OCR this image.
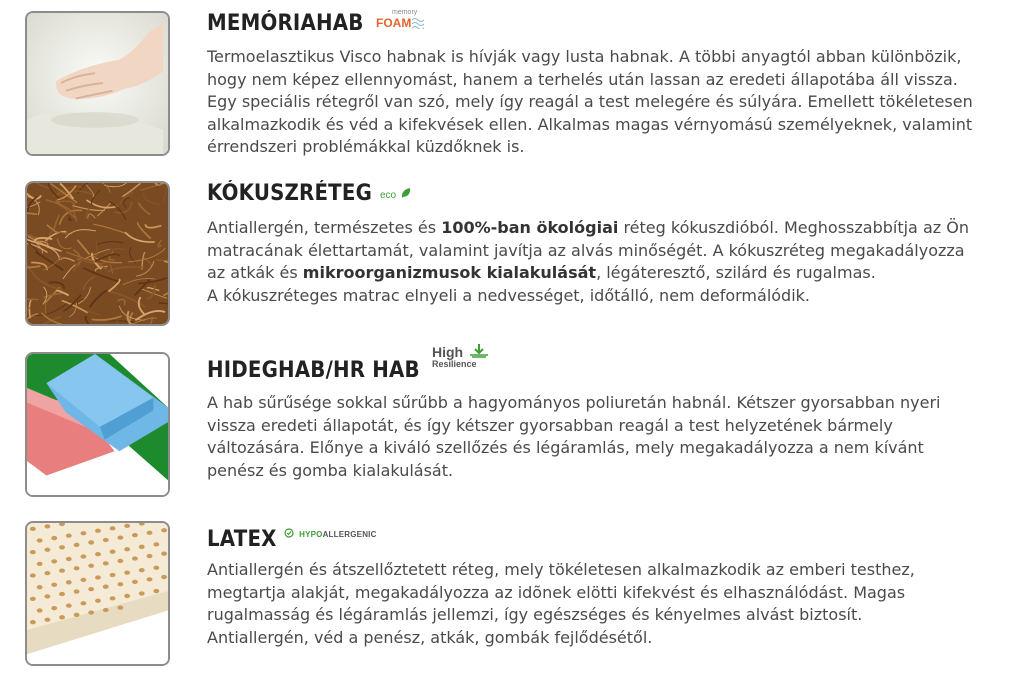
MEMÓRIAHAB	memory
FOAM

Termoelasztikus Visco habnak is hívják vagy lusta habnak. A többi anyagtól abban különbözik,

hogy nem képez ellennyomást, hanem a terhelés után lassan az eredeti állapotába áll vissza.

Egy speciális rétegről van szó, mely így reagál a test melegére és súlyára. Emellett tökéletesen

alkalmazkodik és véd a kifekvések ellen. Alkalmas magas vérnyomású személyeknek, valamint

érrendszeri problémákkal küzdőknek is.

KÓKUSZRÉTEG eco

Antiallergén, természetes és 100%-ban ökológiai réteg kókuszdióból. Meghosszabbítja az Ön

matracának élettartamát, valamint javítja az alvás minőségét. A kókuszréteg megakadályozza

az atkák és mikroorganizmusok kialakulását, légáteresztő, szilárd és rugalmas.

A kókuszréteges matrac elnyeli a nedvességet, időtálló, nem deformálódik.

HIDEGHAB/HR HAB
High
Resilience

A hab sűrűsége sokkal sűrűbb a hagyományos poliuretán habnál. Kétszer gyorsabban nyeri

vissza eredeti állapotát, és így kétszer gyorsabban reagál a test helyzetének bármely

változására. Előnye a kiváló szellőzés és légáramlás, mely megakadályozza a nem kívánt

penész és gomba kialakulását.

LATEX	HYPOALLERGENIC

Antiallergén és átszellőztetett réteg, mely tökéletesen alkalmazkodik az emberi testhez,

megtartja alakját, megakadályozza az idõnek elötti kifekvést és elhasználódást. Magas

rugalmasság és légáramlás jellemzi, így egészséges és kényelmes alvást biztosít.

Antiallergén, véd a penész, atkák, gombák fejlődésétől.
